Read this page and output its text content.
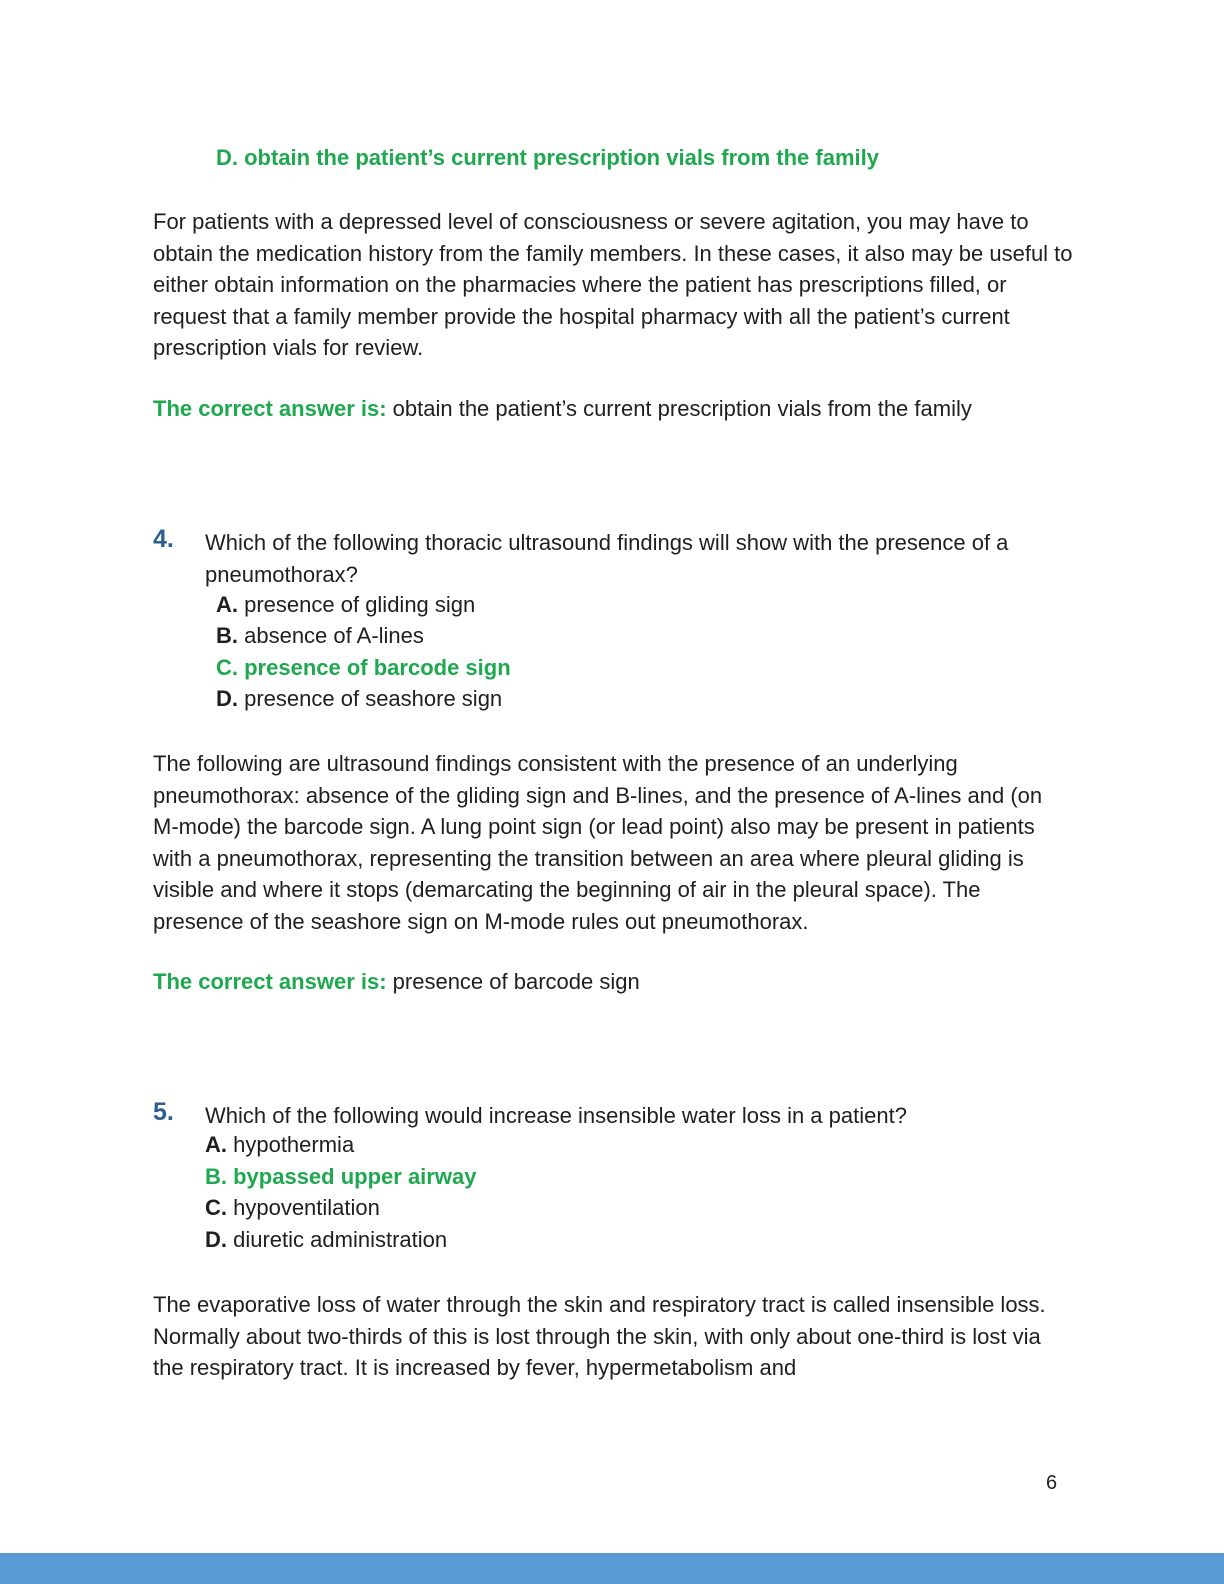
D. obtain the patient’s current prescription vials from the family

For patients with a depressed level of consciousness or severe agitation, you may have to obtain the medication history from the family members. In these cases, it also may be useful to either obtain information on the pharmacies where the patient has prescriptions filled, or request that a family member provide the hospital pharmacy with all the patient’s current prescription vials for review.

The correct answer is: obtain the patient’s current prescription vials from the family
4. Which of the following thoracic ultrasound findings will show with the presence of a pneumothorax?
A. presence of gliding sign
B. absence of A-lines
C. presence of barcode sign
D. presence of seashore sign

The following are ultrasound findings consistent with the presence of an underlying pneumothorax: absence of the gliding sign and B-lines, and the presence of A-lines and (on M-mode) the barcode sign. A lung point sign (or lead point) also may be present in patients with a pneumothorax, representing the transition between an area where pleural gliding is visible and where it stops (demarcating the beginning of air in the pleural space). The presence of the seashore sign on M-mode rules out pneumothorax.

The correct answer is: presence of barcode sign
5. Which of the following would increase insensible water loss in a patient?
A. hypothermia
B. bypassed upper airway
C. hypoventilation
D. diuretic administration

The evaporative loss of water through the skin and respiratory tract is called insensible loss. Normally about two-thirds of this is lost through the skin, with only about one-third is lost via the respiratory tract. It is increased by fever, hypermetabolism and

6
